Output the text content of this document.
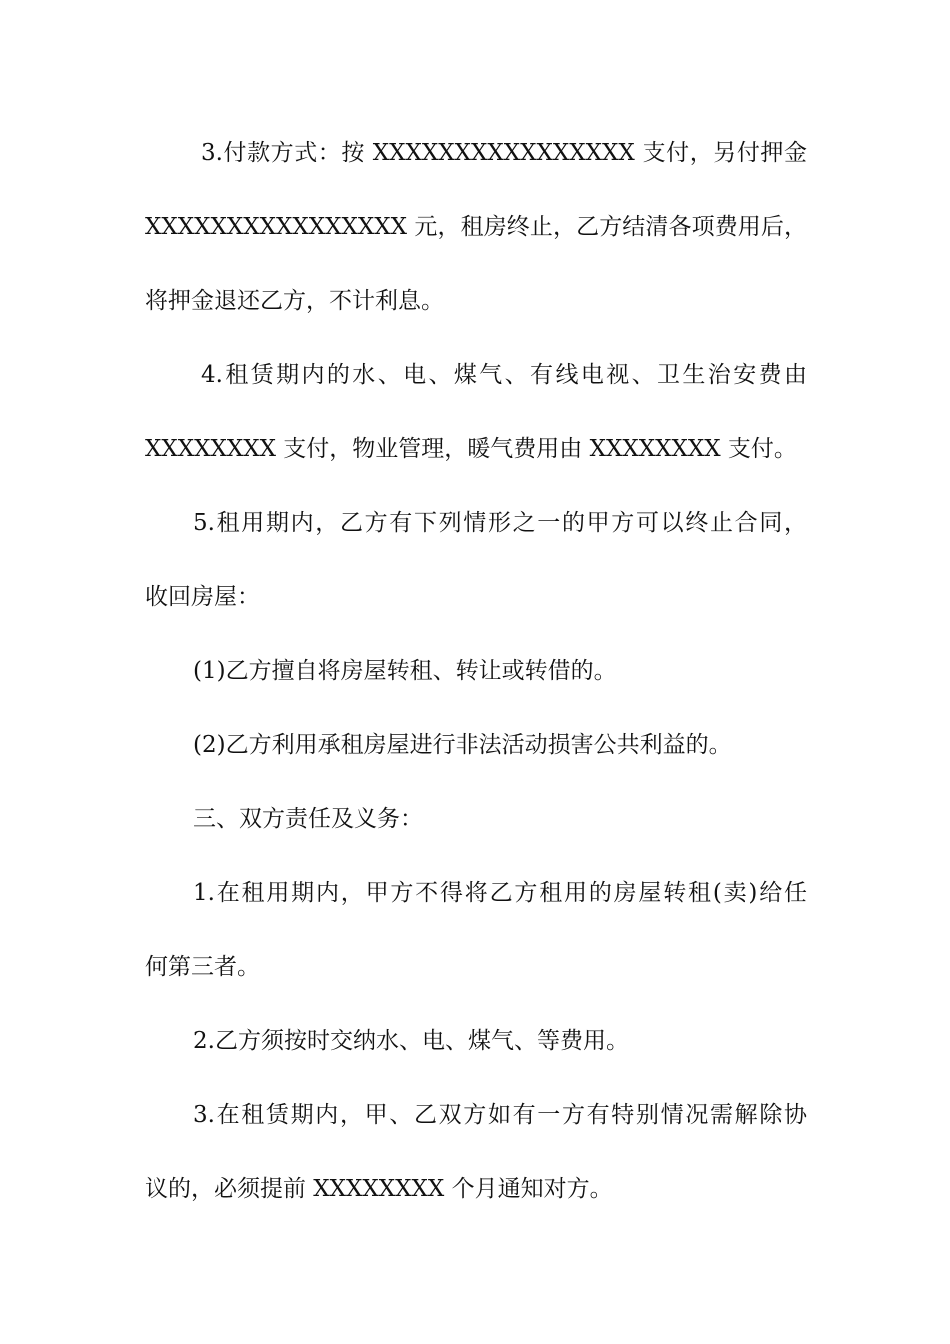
3.付款方式：按 XXXXXXXXXXXXXXXX 支付，另付押金
XXXXXXXXXXXXXXXX 元，租房终止，乙方结清各项费用后，
将押金退还乙方，不计利息。
4.租赁期内的水、电、煤气、有线电视、卫生治安费由
XXXXXXXX 支付，物业管理，暖气费用由 XXXXXXXX 支付。
5.租用期内，乙方有下列情形之一的甲方可以终止合同，
收回房屋：
(1)乙方擅自将房屋转租、转让或转借的。
(2)乙方利用承租房屋进行非法活动损害公共利益的。
三、双方责任及义务：
1.在租用期内，甲方不得将乙方租用的房屋转租(卖)给任
何第三者。
2.乙方须按时交纳水、电、煤气、等费用。
3.在租赁期内，甲、乙双方如有一方有特别情况需解除协
议的，必须提前 XXXXXXXX 个月通知对方。
